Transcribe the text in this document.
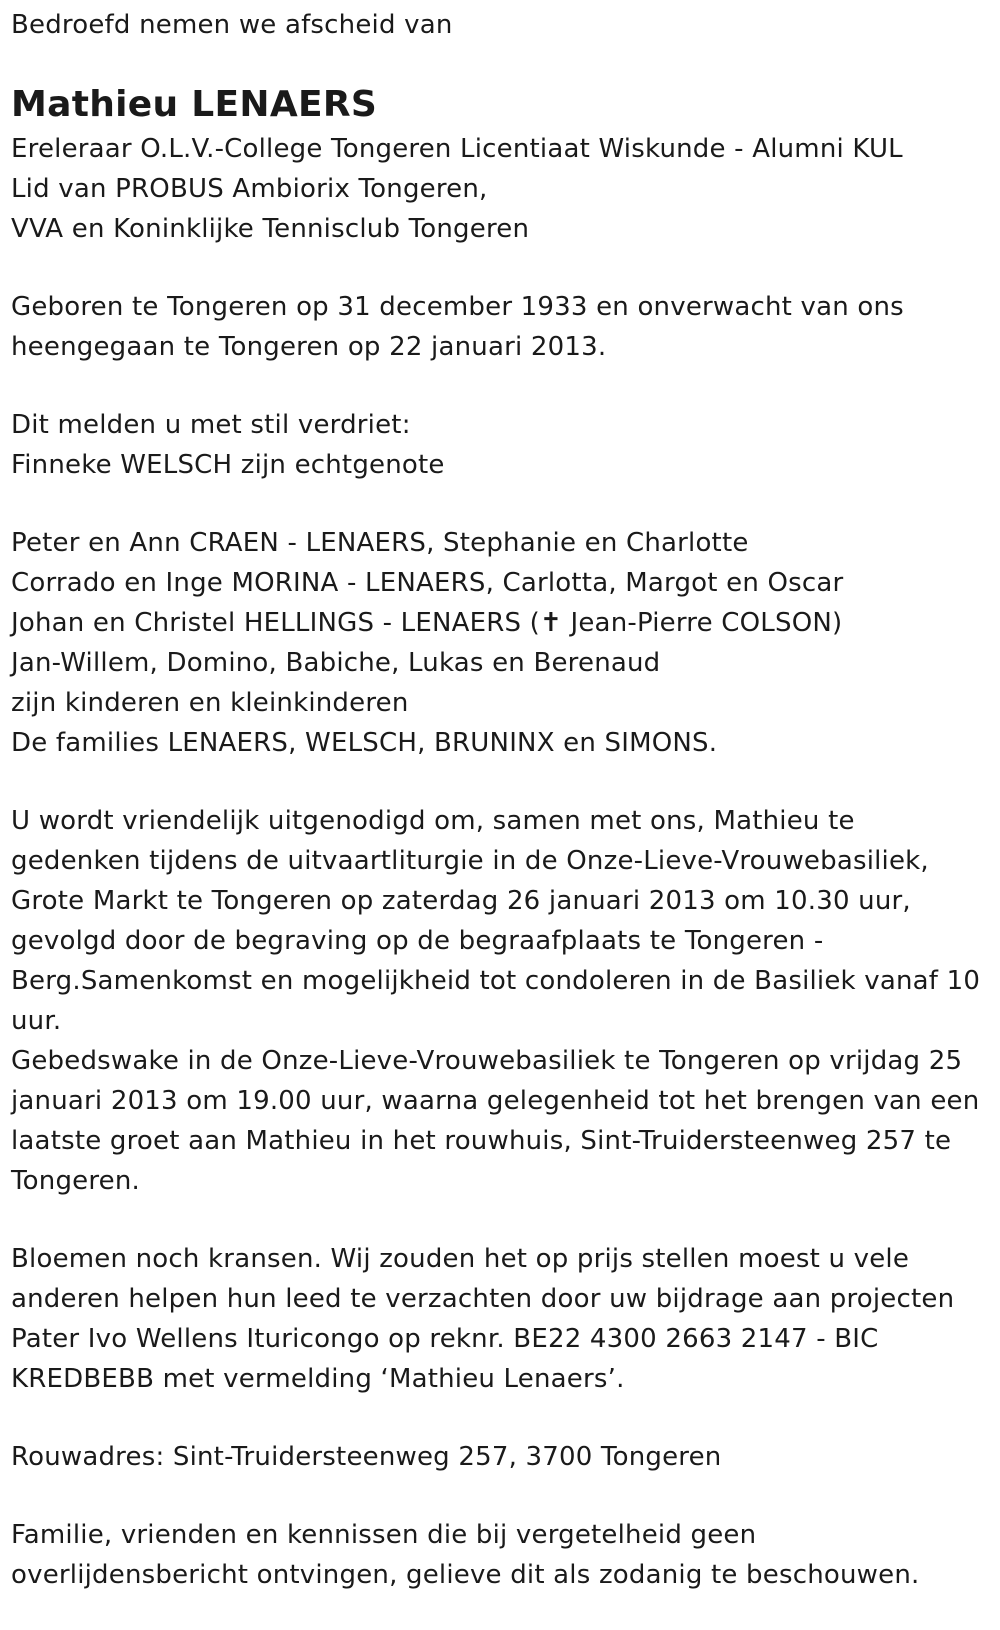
Bedroefd nemen we afscheid van
Mathieu LENAERS
Ereleraar O.L.V.-College Tongeren Licentiaat Wiskunde - Alumni KUL
Lid van PROBUS Ambiorix Tongeren,
VVA en Koninklijke Tennisclub Tongeren
Geboren te Tongeren op 31 december 1933 en onverwacht van ons
heengegaan te Tongeren op 22 januari 2013.
Dit melden u met stil verdriet:
Finneke WELSCH zijn echtgenote
Peter en Ann CRAEN - LENAERS, Stephanie en Charlotte
Corrado en Inge MORINA - LENAERS, Carlotta, Margot en Oscar
Johan en Christel HELLINGS - LENAERS (✝ Jean-Pierre COLSON)
Jan-Willem, Domino, Babiche, Lukas en Berenaud
zijn kinderen en kleinkinderen
De families LENAERS, WELSCH, BRUNINX en SIMONS.
U wordt vriendelijk uitgenodigd om, samen met ons, Mathieu te
gedenken tijdens de uitvaartliturgie in de Onze-Lieve-Vrouwebasiliek,
Grote Markt te Tongeren op zaterdag 26 januari 2013 om 10.30 uur,
gevolgd door de begraving op de begraafplaats te Tongeren -
Berg.Samenkomst en mogelijkheid tot condoleren in de Basiliek vanaf 10
uur.
Gebedswake in de Onze-Lieve-Vrouwebasiliek te Tongeren op vrijdag 25
januari 2013 om 19.00 uur, waarna gelegenheid tot het brengen van een
laatste groet aan Mathieu in het rouwhuis, Sint-Truidersteenweg 257 te
Tongeren.
Bloemen noch kransen. Wij zouden het op prijs stellen moest u vele
anderen helpen hun leed te verzachten door uw bijdrage aan projecten
Pater Ivo Wellens Ituricongo op reknr. BE22 4300 2663 2147 - BIC
KREDBEBB met vermelding ‘Mathieu Lenaers’.
Rouwadres: Sint-Truidersteenweg 257, 3700 Tongeren
Familie, vrienden en kennissen die bij vergetelheid geen
overlijdensbericht ontvingen, gelieve dit als zodanig te beschouwen.
